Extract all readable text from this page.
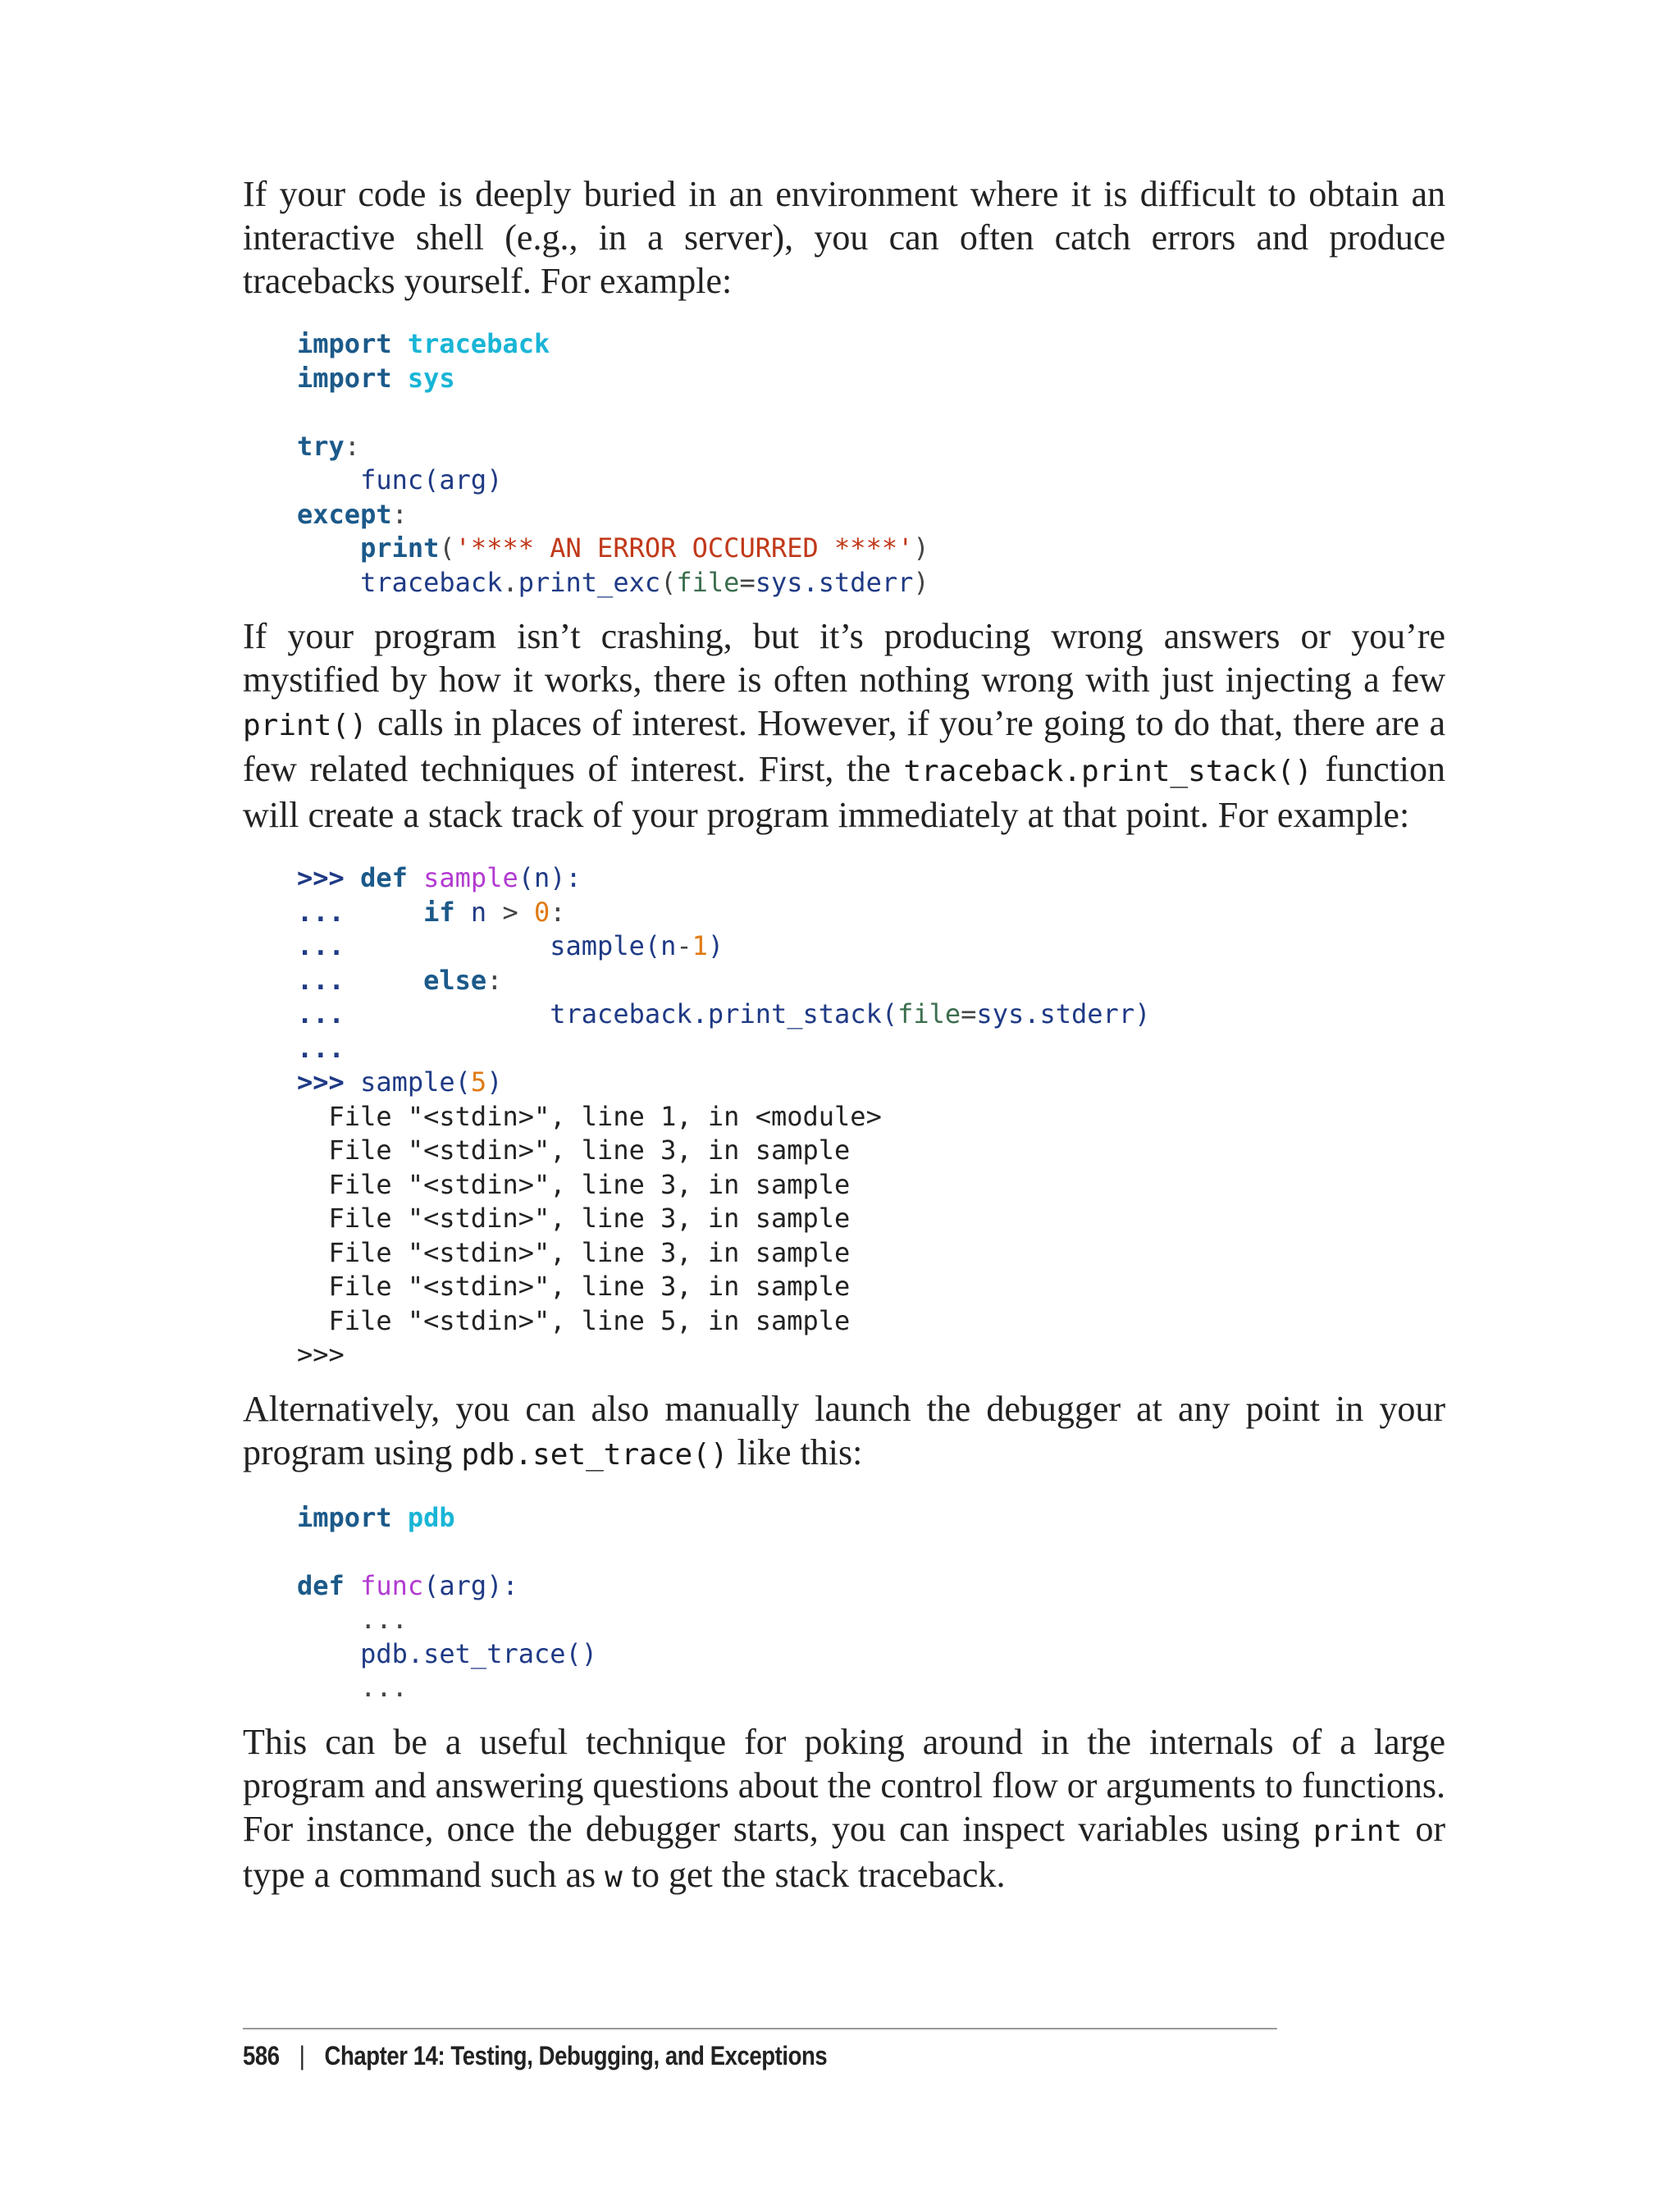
If your code is deeply buried in an environment where it is difficult to obtain an interactive shell (e.g., in a server), you can often catch errors and produce tracebacks yourself. For example:

import traceback
import sys

try:
func(arg)
except:
print('**** AN ERROR OCCURRED ****')
traceback.print_exc(file=sys.stderr)

If your program isn’t crashing, but it’s producing wrong answers or you’re mystified by how it works, there is often nothing wrong with just injecting a few print() calls in places of interest. However, if you’re going to do that, there are a few related techniques of interest. First, the traceback.print_stack() function will create a stack track of your program immediately at that point. For example:

>>> def sample(n):
...	if n > 0:
...	sample(n-1)
...	else:
...	traceback.print_stack(file=sys.stderr)
...
>>> sample(5)
File "<stdin>", line 1, in <module>
File "<stdin>", line 3, in sample
File "<stdin>", line 3, in sample
File "<stdin>", line 3, in sample
File "<stdin>", line 3, in sample
File "<stdin>", line 3, in sample
File "<stdin>", line 5, in sample
>>>

Alternatively, you can also manually launch the debugger at any point in your program using pdb.set_trace() like this:

import pdb

def func(arg):
...
pdb.set_trace()
...

This can be a useful technique for poking around in the internals of a large program and answering questions about the control flow or arguments to functions. For instance, once the debugger starts, you can inspect variables using print or type a command such as w to get the stack traceback.

586 | Chapter 14: Testing, Debugging, and Exceptions
